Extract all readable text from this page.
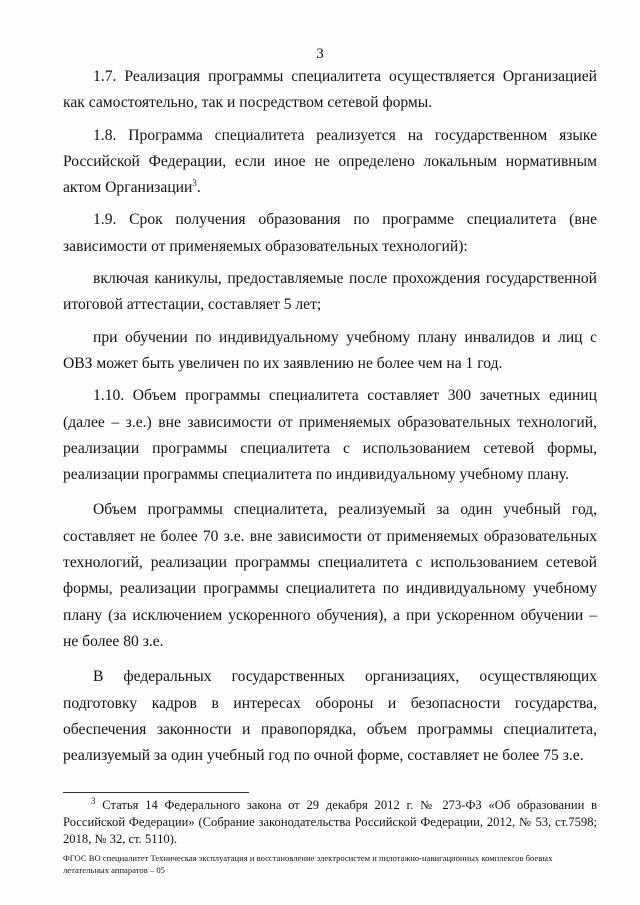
3

1.7. Реализация программы специалитета осуществляется Организацией как самостоятельно, так и посредством сетевой формы.

1.8. Программа специалитета реализуется на государственном языке Российской Федерации, если иное не определено локальным нормативным актом Организации$^3$.

1.9. Срок получения образования по программе специалитета (вне зависимости от применяемых образовательных технологий):

включая каникулы, предоставляемые после прохождения государственной итоговой аттестации, составляет 5 лет;

при обучении по индивидуальному учебному плану инвалидов и лиц с ОВЗ может быть увеличен по их заявлению не более чем на 1 год.

1.10. Объем программы специалитета составляет 300 зачетных единиц (далее – з.е.) вне зависимости от применяемых образовательных технологий, реализации программы специалитета с использованием сетевой формы, реализации программы специалитета по индивидуальному учебному плану.

Объем программы специалитета, реализуемый за один учебный год, составляет не более 70 з.е. вне зависимости от применяемых образовательных технологий, реализации программы специалитета с использованием сетевой формы, реализации программы специалитета по индивидуальному учебному плану (за исключением ускоренного обучения), а при ускоренном обучении – не более 80 з.е.

В федеральных государственных организациях, осуществляющих подготовку кадров в интересах обороны и безопасности государства, обеспечения законности и правопорядка, объем программы специалитета, реализуемый за один учебный год по очной форме, составляет не более 75 з.е.

$^3$ Статья 14 Федерального закона от 29 декабря 2012 г. № 273-ФЗ «Об образовании в Российской Федерации» (Собрание законодательства Российской Федерации, 2012, № 53, ст.7598; 2018, № 32, ст. 5110).
ФГОС ВО специалитет Техническая эксплуатация и восстановление электросистем и пилотажно-навигационных комплексов боевых летательных аппаратов – 05
